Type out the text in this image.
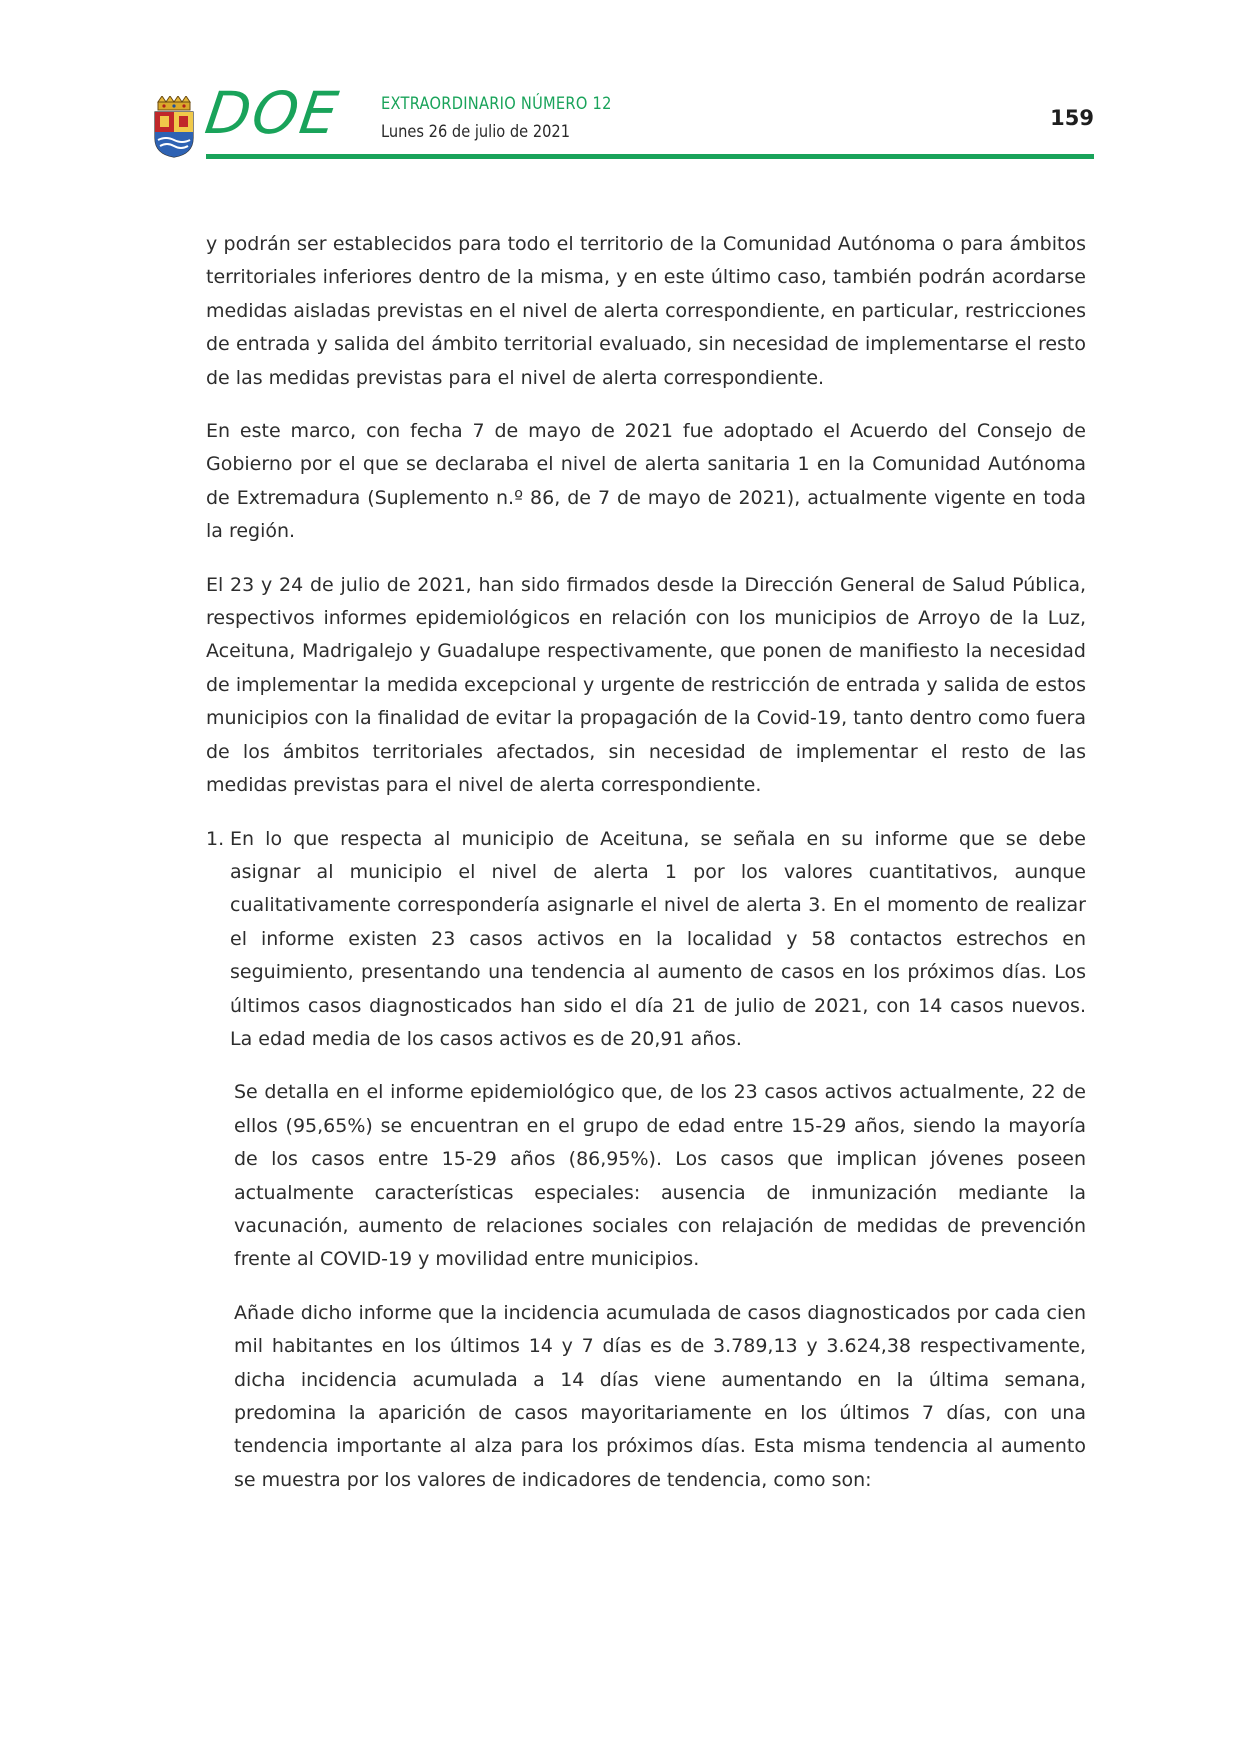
DOE EXTRAORDINARIO NÚMERO 12
Lunes 26 de julio de 2021
159

y podrán ser establecidos para todo el territorio de la Comunidad Autónoma o para ámbitos territoriales inferiores dentro de la misma, y en este último caso, también podrán acordarse medidas aisladas previstas en el nivel de alerta correspondiente, en particular, restricciones de entrada y salida del ámbito territorial evaluado, sin necesidad de implementarse el resto de las medidas previstas para el nivel de alerta correspondiente.

En este marco, con fecha 7 de mayo de 2021 fue adoptado el Acuerdo del Consejo de Gobierno por el que se declaraba el nivel de alerta sanitaria 1 en la Comunidad Autónoma de Extremadura (Suplemento n.º 86, de 7 de mayo de 2021), actualmente vigente en toda la región.

El 23 y 24 de julio de 2021, han sido firmados desde la Dirección General de Salud Pública, respectivos informes epidemiológicos en relación con los municipios de Arroyo de la Luz, Aceituna, Madrigalejo y Guadalupe respectivamente, que ponen de manifiesto la necesidad de implementar la medida excepcional y urgente de restricción de entrada y salida de estos municipios con la finalidad de evitar la propagación de la Covid-19, tanto dentro como fuera de los ámbitos territoriales afectados, sin necesidad de implementar el resto de las medidas previstas para el nivel de alerta correspondiente.

1. En lo que respecta al municipio de Aceituna, se señala en su informe que se debe asignar al municipio el nivel de alerta 1 por los valores cuantitativos, aunque cualitativamente correspondería asignarle el nivel de alerta 3. En el momento de realizar el informe existen 23 casos activos en la localidad y 58 contactos estrechos en seguimiento, presentando una tendencia al aumento de casos en los próximos días. Los últimos casos diagnosticados han sido el día 21 de julio de 2021, con 14 casos nuevos. La edad media de los casos activos es de 20,91 años.

Se detalla en el informe epidemiológico que, de los 23 casos activos actualmente, 22 de ellos (95,65%) se encuentran en el grupo de edad entre 15-29 años, siendo la mayoría de los casos entre 15-29 años (86,95%). Los casos que implican jóvenes poseen actualmente características especiales: ausencia de inmunización mediante la vacunación, aumento de relaciones sociales con relajación de medidas de prevención frente al COVID-19 y movilidad entre municipios.

Añade dicho informe que la incidencia acumulada de casos diagnosticados por cada cien mil habitantes en los últimos 14 y 7 días es de 3.789,13 y 3.624,38 respectivamente, dicha incidencia acumulada a 14 días viene aumentando en la última semana, predomina la aparición de casos mayoritariamente en los últimos 7 días, con una tendencia importante al alza para los próximos días. Esta misma tendencia al aumento se muestra por los valores de indicadores de tendencia, como son:
